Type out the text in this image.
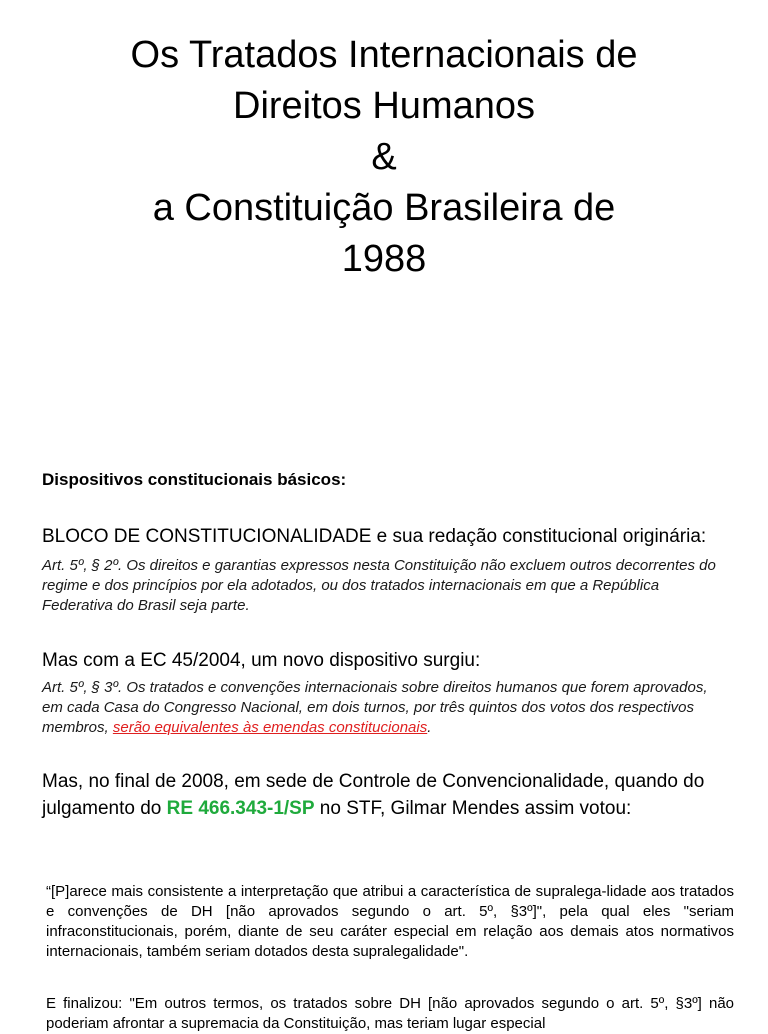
Os Tratados Internacionais de
Direitos Humanos
&
a Constituição Brasileira de
1988

Dispositivos constitucionais básicos:

BLOCO DE CONSTITUCIONALIDADE e sua redação constitucional originária:

Art. 5º, § 2º. Os direitos e garantias expressos nesta Constituição não excluem outros decorrentes do regime e dos princípios por ela adotados, ou dos tratados internacionais em que a República Federativa do Brasil seja parte.

Mas com a EC 45/2004, um novo dispositivo surgiu:

Art. 5º, § 3º. Os tratados e convenções internacionais sobre direitos humanos que forem aprovados, em cada Casa do Congresso Nacional, em dois turnos, por três quintos dos votos dos respectivos membros, serão equivalentes às emendas constitucionais.

Mas, no final de 2008, em sede de Controle de Convencionalidade, quando do julgamento do RE 466.343-1/SP no STF, Gilmar Mendes assim votou:

“[P]arece mais consistente a interpretação que atribui a característica de supralega-lidade aos tratados e convenções de DH [não aprovados segundo o art. 5º, §3º]", pela qual eles "seriam infraconstitucionais, porém, diante de seu caráter especial em relação aos demais atos normativos internacionais, também seriam dotados desta supralegalidade".

E finalizou: "Em outros termos, os tratados sobre DH [não aprovados segundo o art. 5º, §3º] não poderiam afrontar a supremacia da Constituição, mas teriam lugar especial
